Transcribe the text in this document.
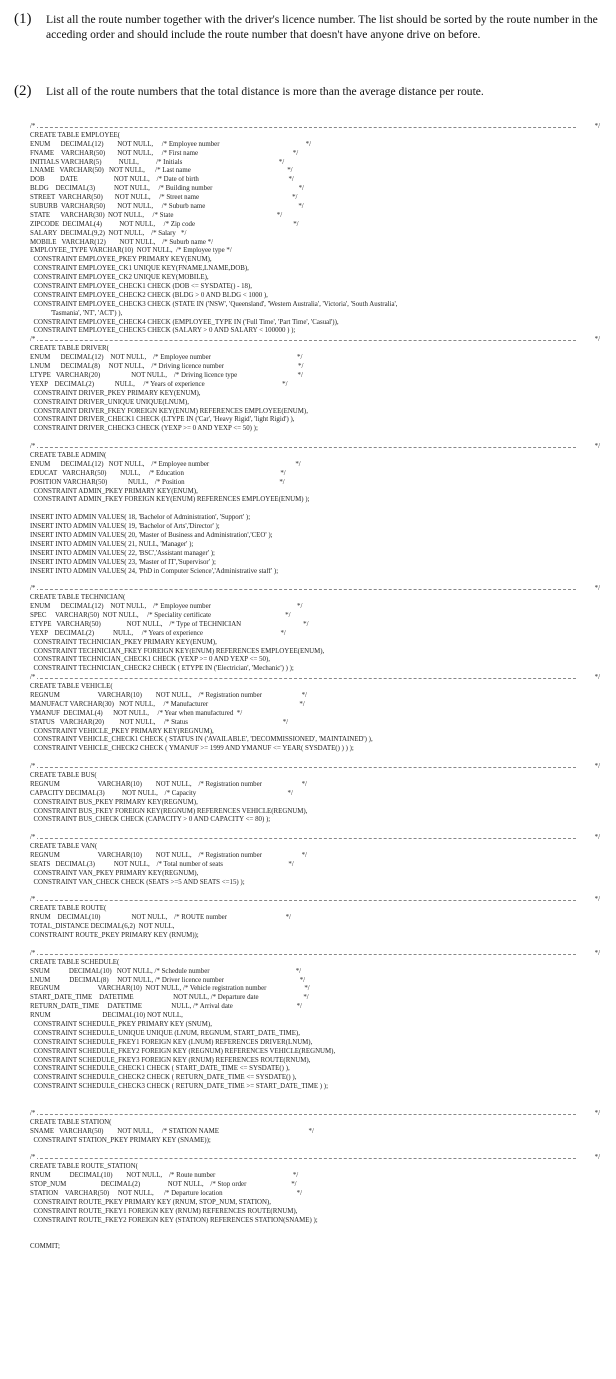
(1) List all the route number together with the driver's licence number. The list should be sorted by the route number in the acceding order and should include the route number that doesn't have anyone drive on before.
(2) List all of the route numbers that the total distance is more than the average distance per route.
/*	*/
CREATE TABLE EMPLOYEE(
ENUM      DECIMAL(12)        NOT NULL,     /* Employee number                                                  */
FNAME    VARCHAR(50)       NOT NULL,     /* First name                                                       */
INITIALS VARCHAR(5)          NULL,          /* Initials                                                        */
LNAME   VARCHAR(50)   NOT NULL,      /* Last name                                                        */
DOB         DATE                     NOT NULL,    /* Date of birth                                                    */
BLDG    DECIMAL(3)           NOT NULL,     /* Building number                                                  */
STREET  VARCHAR(50)       NOT NULL,     /* Street name                                                      */
SUBURB  VARCHAR(50)       NOT NULL,     /* Suburb name                                                      */
STATE      VARCHAR(30)  NOT NULL,     /* State                                                            */
ZIPCODE  DECIMAL(4)          NOT NULL,     /* Zip code                                                         */
SALARY  DECIMAL(9,2)  NOT NULL,    /* Salary   */
MOBILE   VARCHAR(12)        NOT NULL,    /* Suburb name */
EMPLOYEE_TYPE VARCHAR(10)  NOT NULL,  /* Employee type */
CONSTRAINT EMPLOYEE_PKEY PRIMARY KEY(ENUM),
CONSTRAINT EMPLOYEE_CK1 UNIQUE KEY(FNAME,LNAME,DOB),
CONSTRAINT EMPLOYEE_CK2 UNIQUE KEY(MOBILE),
CONSTRAINT EMPLOYEE_CHECK1 CHECK (DOB <= SYSDATE() - 18),
CONSTRAINT EMPLOYEE_CHECK2 CHECK (BLDG > 0 AND BLDG < 1000 ),
CONSTRAINT EMPLOYEE_CHECK3 CHECK (STATE IN ('NSW', 'Queensland', 'Western Australia', 'Victoria', 'South Australia',
'Tasmania', 'NT', 'ACT') ),
CONSTRAINT EMPLOYEE_CHECK4 CHECK (EMPLOYEE_TYPE IN ('Full Time', 'Part Time', 'Casual')),
CONSTRAINT EMPLOYEE_CHECK5 CHECK (SALARY > 0 AND SALARY < 100000 ) );
/*	*/
CREATE TABLE DRIVER(
ENUM      DECIMAL(12)    NOT NULL,    /* Employee number                                                  */
LNUM      DECIMAL(8)     NOT NULL,    /* Driving licence number                                           */
LTYPE   VARCHAR(20)                  NOT NULL,    /* Driving licence type                                   */
YEXP    DECIMAL(2)            NULL,     /* Years of experience                                             */
CONSTRAINT DRIVER_PKEY PRIMARY KEY(ENUM),
CONSTRAINT DRIVER_UNIQUE UNIQUE(LNUM),
CONSTRAINT DRIVER_FKEY FOREIGN KEY(ENUM) REFERENCES EMPLOYEE(ENUM),
CONSTRAINT DRIVER_CHECK1 CHECK (LTYPE IN ('Car', 'Heavy Rigid', 'light Rigid') ),
CONSTRAINT DRIVER_CHECK3 CHECK (YEXP >= 0 AND YEXP <= 50) );
/*	*/
CREATE TABLE ADMIN(
ENUM      DECIMAL(12)   NOT NULL,    /* Employee number                                                  */
EDUCAT   VARCHAR(50)        NULL,     /* Education                                                        */
POSITION VARCHAR(50)            NULL,    /* Position                                                       */
CONSTRAINT ADMIN_PKEY PRIMARY KEY(ENUM),
CONSTRAINT ADMIN_FKEY FOREIGN KEY(ENUM) REFERENCES EMPLOYEE(ENUM) );
INSERT INTO ADMIN VALUES( 18, 'Bachelor of Administration', 'Support' );
INSERT INTO ADMIN VALUES( 19, 'Bachelor of Arts','Director' );
INSERT INTO ADMIN VALUES( 20, 'Master of Business and Administration','CEO' );
INSERT INTO ADMIN VALUES( 21, NULL, 'Manager' );
INSERT INTO ADMIN VALUES( 22, 'BSC','Assistant manager' );
INSERT INTO ADMIN VALUES( 23, 'Master of IT','Supervisor' );
INSERT INTO ADMIN VALUES( 24, 'PhD in Computer Science','Administrative staff' );
/*	*/
CREATE TABLE TECHNICIAN(
ENUM      DECIMAL(12)    NOT NULL,    /* Employee number                                                  */
SPEC     VARCHAR(50)  NOT NULL,     /* Speciality certificate                                           */
ETYPE   VARCHAR(50)               NOT NULL,    /* Type of TECHNICIAN                                    */
YEXP    DECIMAL(2)           NULL,     /* Years of experience                                             */
CONSTRAINT TECHNICIAN_PKEY PRIMARY KEY(ENUM),
CONSTRAINT TECHNICIAN_FKEY FOREIGN KEY(ENUM) REFERENCES EMPLOYEE(ENUM),
CONSTRAINT TECHNICIAN_CHECK1 CHECK (YEXP >= 0 AND YEXP <= 50),
CONSTRAINT TECHNICIAN_CHECK2 CHECK ( ETYPE IN ('Electrician', 'Mechanic') ) );
/*	*/
CREATE TABLE VEHICLE(
REGNUM                      VARCHAR(10)        NOT NULL,    /* Registration number                       */
MANUFACT VARCHAR(30)   NOT NULL,     /* Manufacturer                                                     */
YMANUF  DECIMAL(4)      NOT NULL,     /* Year when manufactured  */
STATUS   VARCHAR(20)         NOT NULL,     /* Status                                                       */
CONSTRAINT VEHICLE_PKEY PRIMARY KEY(REGNUM),
CONSTRAINT VEHICLE_CHECK1 CHECK ( STATUS IN ('AVAILABLE', 'DECOMMISSIONED', 'MAINTAINED') ),
CONSTRAINT VEHICLE_CHECK2 CHECK ( YMANUF >= 1999 AND YMANUF <= YEAR( SYSDATE() ) ) );
/*	*/
CREATE TABLE BUS(
REGNUM                      VARCHAR(10)        NOT NULL,    /* Registration number                       */
CAPACITY DECIMAL(3)          NOT NULL,    /* Capacity                                                     */
CONSTRAINT BUS_PKEY PRIMARY KEY(REGNUM),
CONSTRAINT BUS_FKEY FOREIGN KEY(REGNUM) REFERENCES VEHICLE(REGNUM),
CONSTRAINT BUS_CHECK CHECK (CAPACITY > 0 AND CAPACITY <= 80) );
/*	*/
CREATE TABLE VAN(
REGNUM                      VARCHAR(10)        NOT NULL,    /* Registration number                       */
SEATS   DECIMAL(3)           NOT NULL,    /* Total number of seats                                      */
CONSTRAINT VAN_PKEY PRIMARY KEY(REGNUM),
CONSTRAINT VAN_CHECK CHECK (SEATS >=5 AND SEATS <=15) );
/*	*/
CREATE TABLE ROUTE(
RNUM    DECIMAL(10)                  NOT NULL,    /* ROUTE number                                  */
TOTAL_DISTANCE DECIMAL(6,2)  NOT NULL,
CONSTRAINT ROUTE_PKEY PRIMARY KEY (RNUM));
/*	*/
CREATE TABLE SCHEDULE(
SNUM           DECIMAL(10)   NOT NULL, /* Schedule number                                                  */
LNUM           DECIMAL(8)     NOT NULL, /* Driver licence number                                            */
REGNUM                      VARCHAR(10)  NOT NULL, /* Vehicle registration number                      */
START_DATE_TIME    DATETIME                       NOT NULL, /* Departure date                          */
RETURN_DATE_TIME     DATETIME                 NULL, /* Arrival date                                     */
RNUM                              DECIMAL(10) NOT NULL,
CONSTRAINT SCHEDULE_PKEY PRIMARY KEY (SNUM),
CONSTRAINT SCHEDULE_UNIQUE UNIQUE (LNUM, REGNUM, START_DATE_TIME),
CONSTRAINT SCHEDULE_FKEY1 FOREIGN KEY (LNUM) REFERENCES DRIVER(LNUM),
CONSTRAINT SCHEDULE_FKEY2 FOREIGN KEY (REGNUM) REFERENCES VEHICLE(REGNUM),
CONSTRAINT SCHEDULE_FKEY3 FOREIGN KEY (RNUM) REFERENCES ROUTE(RNUM),
CONSTRAINT SCHEDULE_CHECK1 CHECK ( START_DATE_TIME <= SYSDATE() ),
CONSTRAINT SCHEDULE_CHECK2 CHECK ( RETURN_DATE_TIME <= SYSDATE() ),
CONSTRAINT SCHEDULE_CHECK3 CHECK ( RETURN_DATE_TIME >= START_DATE_TIME ) );
/*	*/
CREATE TABLE STATION(
SNAME   VARCHAR(50)        NOT NULL,     /* STATION NAME                                                    */
CONSTRAINT STATION_PKEY PRIMARY KEY (SNAME));
/*	*/
CREATE TABLE ROUTE_STATION(
RNUM           DECIMAL(10)        NOT NULL,    /* Route number                                             */
STOP_NUM                    DECIMAL(2)                NOT NULL,    /* Stop order                          */
STATION    VARCHAR(50)     NOT NULL,      /* Departure location                                           */
CONSTRAINT ROUTE_PKEY PRIMARY KEY (RNUM, STOP_NUM, STATION),
CONSTRAINT ROUTE_FKEY1 FOREIGN KEY (RNUM) REFERENCES ROUTE(RNUM),
CONSTRAINT ROUTE_FKEY2 FOREIGN KEY (STATION) REFERENCES STATION(SNAME) );
COMMIT;
